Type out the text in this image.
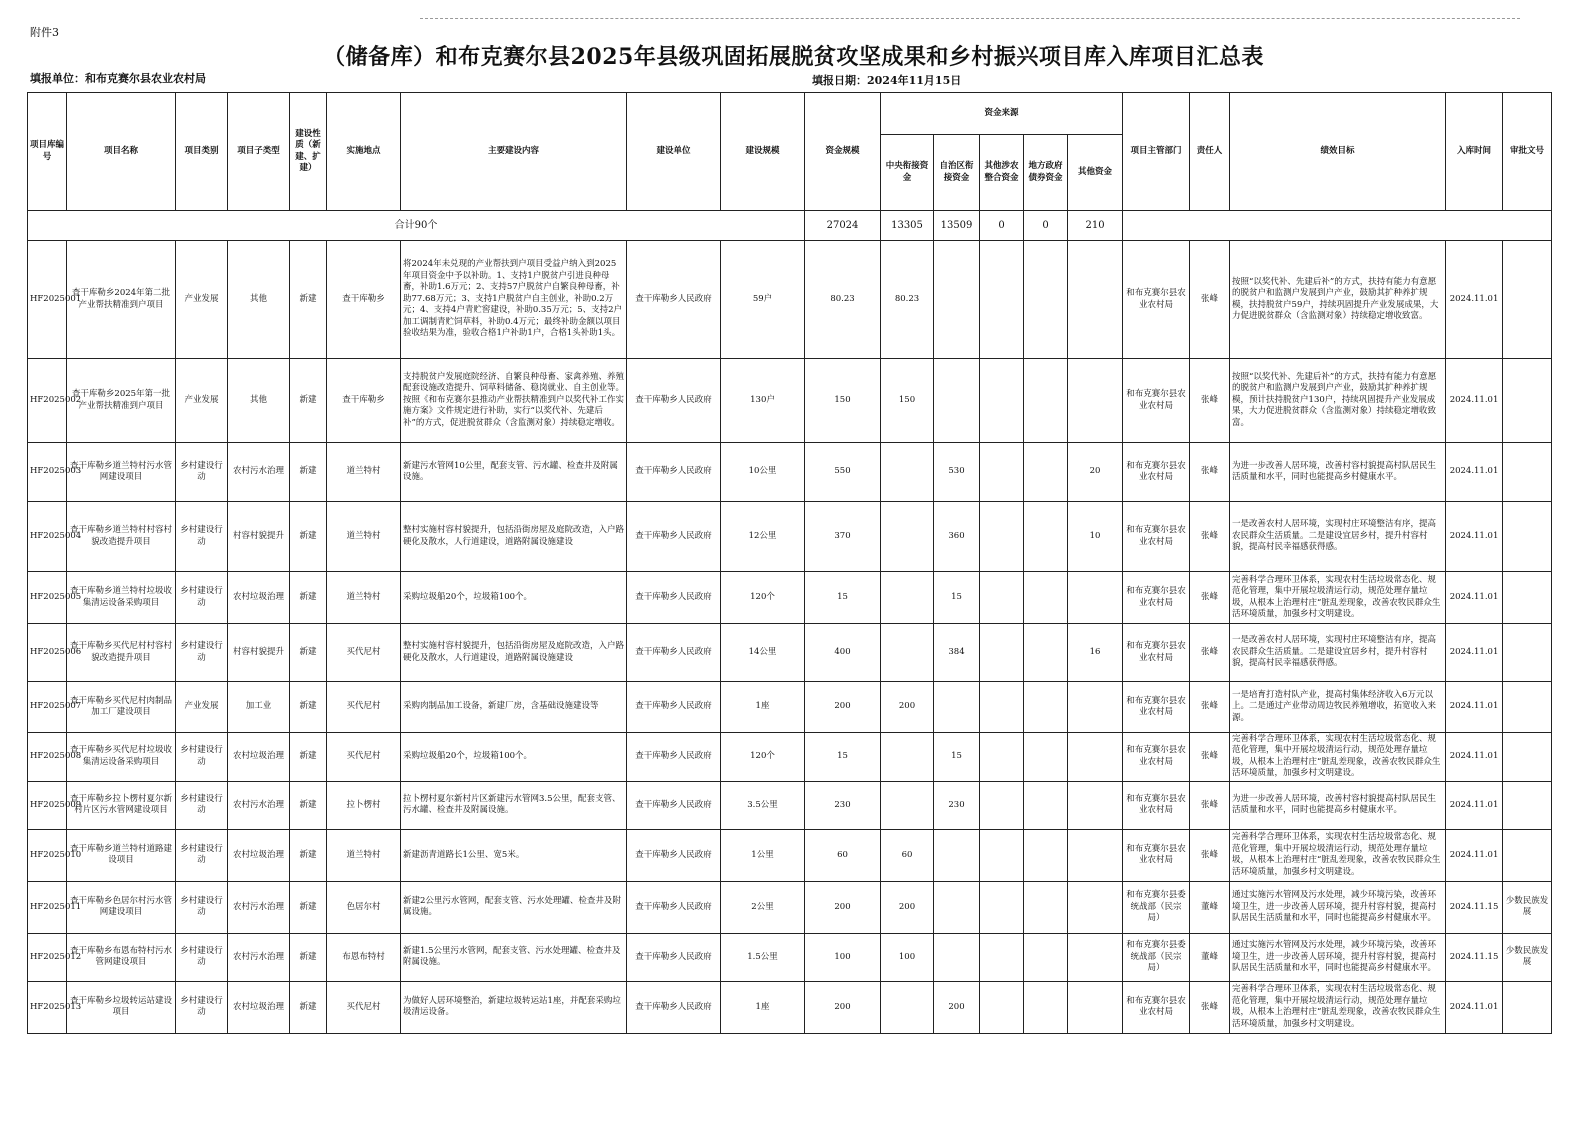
附件3
（储备库）和布克赛尔县2025年县级巩固拓展脱贫攻坚成果和乡村振兴项目库入库项目汇总表
填报单位：和布克赛尔县农业农村局	填报日期：2024年11月15日
项目库编号	项目名称	项目类别	项目子类型	建设性质（新建、扩建）	实施地点	主要建设内容	建设单位	建设规模	资金规模	资金来源					项目主管部门	责任人	绩效目标	入库时间	审批文号
										中央衔接资金	自治区衔接资金	其他涉农整合资金	地方政府债券资金	其他资金					
合计90个									27024	13305	13509	0	0	210					
HF2025001	查干库勒乡2024年第二批产业帮扶精准到户项目	产业发展	其他	新建	查干库勒乡	将2024年未兑现的产业帮扶到户项目受益户纳入到2025年项目资金中予以补助。1、支持1户脱贫户引进良种母畜，补助1.6万元；2、支持57户脱贫户自繁良种母畜，补助77.68万元；3、支持1户脱贫户自主创业，补助0.2万元；4、支持4户青贮窖建设，补助0.35万元；5、支持2户加工调制青贮饲草料，补助0.4万元；最终补助金额以项目验收结果为准，验收合格1户补助1户，合格1头补助1头。	查干库勒乡人民政府	59户	80.23	80.23					和布克赛尔县农业农村局	张峰	按照“以奖代补、先建后补”的方式，扶持有能力有意愿的脱贫户和监测户发展到户产业，鼓励其扩种养扩规模，扶持脱贫户59户，持续巩固提升产业发展成果，大力促进脱贫群众（含监测对象）持续稳定增收致富。	2024.11.01	
HF2025002	查干库勒乡2025年第一批产业帮扶精准到户项目	产业发展	其他	新建	查干库勒乡	支持脱贫户发展庭院经济、自繁良种母畜、家禽养殖、养殖配套设施改造提升、饲草料储备、稳岗就业、自主创业等。按照《和布克赛尔县推动产业帮扶精准到户以奖代补工作实施方案》文件规定进行补助，实行“以奖代补、先建后补”的方式，促进脱贫群众（含监测对象）持续稳定增收。	查干库勒乡人民政府	130户	150	150					和布克赛尔县农业农村局	张峰	按照“以奖代补、先建后补”的方式，扶持有能力有意愿的脱贫户和监测户发展到户产业，鼓励其扩种养扩规模，预计扶持脱贫户130户，持续巩固提升产业发展成果，大力促进脱贫群众（含监测对象）持续稳定增收致富。	2024.11.01	
HF2025003	查干库勒乡道兰特村污水管网建设项目	乡村建设行动	农村污水治理	新建	道兰特村	新建污水管网10公里，配套支管、污水罐、检查井及附属设施。	查干库勒乡人民政府	10公里	550		530			20	和布克赛尔县农业农村局	张峰	为进一步改善人居环境，改善村容村貌提高村队居民生活质量和水平，同时也能提高乡村健康水平。	2024.11.01	
HF2025004	查干库勒乡道兰特村村容村貌改造提升项目	乡村建设行动	村容村貌提升	新建	道兰特村	整村实施村容村貌提升，包括沿街房屋及庭院改造，入户路硬化及散水，人行道建设，道路附属设施建设	查干库勒乡人民政府	12公里	370		360			10	和布克赛尔县农业农村局	张峰	一是改善农村人居环境，实现村庄环境整洁有序，提高农民群众生活质量。二是建设宜居乡村，提升村容村貌，提高村民幸福感获得感。	2024.11.01	
HF2025005	查干库勒乡道兰特村垃圾收集清运设备采购项目	乡村建设行动	农村垃圾治理	新建	道兰特村	采购垃圾船20个，垃圾箱100个。	查干库勒乡人民政府	120个	15		15				和布克赛尔县农业农村局	张峰	完善科学合理环卫体系，实现农村生活垃圾常态化、规范化管理，集中开展垃圾清运行动，规范处理存量垃圾，从根本上治理村庄“脏乱差现象，改善农牧民群众生活环境质量，加强乡村文明建设。	2024.11.01	
HF2025006	查干库勒乡买代尼村村容村貌改造提升项目	乡村建设行动	村容村貌提升	新建	买代尼村	整村实施村容村貌提升，包括沿街房屋及庭院改造，入户路硬化及散水，人行道建设，道路附属设施建设	查干库勒乡人民政府	14公里	400		384			16	和布克赛尔县农业农村局	张峰	一是改善农村人居环境，实现村庄环境整洁有序，提高农民群众生活质量。二是建设宜居乡村，提升村容村貌，提高村民幸福感获得感。	2024.11.01	
HF2025007	查干库勒乡买代尼村肉制品加工厂建设项目	产业发展	加工业	新建	买代尼村	采购肉制品加工设备，新建厂房，含基础设施建设等	查干库勒乡人民政府	1座	200	200					和布克赛尔县农业农村局	张峰	一是培育打造村队产业，提高村集体经济收入6万元以上。二是通过产业带动周边牧民养殖增收，拓宽收入来源。	2024.11.01	
HF2025008	查干库勒乡买代尼村垃圾收集清运设备采购项目	乡村建设行动	农村垃圾治理	新建	买代尼村	采购垃圾船20个，垃圾箱100个。	查干库勒乡人民政府	120个	15		15				和布克赛尔县农业农村局	张峰	完善科学合理环卫体系，实现农村生活垃圾常态化、规范化管理，集中开展垃圾清运行动，规范处理存量垃圾，从根本上治理村庄“脏乱差现象，改善农牧民群众生活环境质量，加强乡村文明建设。	2024.11.01	
HF2025009	查干库勒乡拉卜楞村夏尔新村片区污水管网建设项目	乡村建设行动	农村污水治理	新建	拉卜楞村	拉卜楞村夏尔新村片区新建污水管网3.5公里，配套支管、污水罐、检查井及附属设施。	查干库勒乡人民政府	3.5公里	230		230				和布克赛尔县农业农村局	张峰	为进一步改善人居环境，改善村容村貌提高村队居民生活质量和水平，同时也能提高乡村健康水平。	2024.11.01	
HF2025010	查干库勒乡道兰特村道路建设项目	乡村建设行动	农村垃圾治理	新建	道兰特村	新建沥青道路长1公里、宽5米。	查干库勒乡人民政府	1公里	60	60					和布克赛尔县农业农村局	张峰	完善科学合理环卫体系，实现农村生活垃圾常态化、规范化管理，集中开展垃圾清运行动，规范处理存量垃圾，从根本上治理村庄“脏乱差现象，改善农牧民群众生活环境质量，加强乡村文明建设。	2024.11.01	
HF2025011	查干库勒乡色居尔村污水管网建设项目	乡村建设行动	农村污水治理	新建	色居尔村	新建2公里污水管网，配套支管、污水处理罐、检查井及附属设施。	查干库勒乡人民政府	2公里	200	200					和布克赛尔县委统战部（民宗局）	董峰	通过实施污水管网及污水处理，减少环境污染，改善环境卫生，进一步改善人居环境，提升村容村貌，提高村队居民生活质量和水平，同时也能提高乡村健康水平。	2024.11.15	少数民族发展
HF2025012	查干库勒乡布恩布特村污水管网建设项目	乡村建设行动	农村污水治理	新建	布恩布特村	新建1.5公里污水管网，配套支管、污水处理罐、检查井及附属设施。	查干库勒乡人民政府	1.5公里	100	100					和布克赛尔县委统战部（民宗局）	董峰	通过实施污水管网及污水处理，减少环境污染，改善环境卫生，进一步改善人居环境，提升村容村貌，提高村队居民生活质量和水平，同时也能提高乡村健康水平。	2024.11.15	少数民族发展
HF2025013	查干库勒乡垃圾转运站建设项目	乡村建设行动	农村垃圾治理	新建	买代尼村	为做好人居环境整治，新建垃圾转运站1座，并配套采购垃圾清运设备。	查干库勒乡人民政府	1座	200		200				和布克赛尔县农业农村局	张峰	完善科学合理环卫体系，实现农村生活垃圾常态化、规范化管理，集中开展垃圾清运行动，规范处理存量垃圾，从根本上治理村庄“脏乱差现象，改善农牧民群众生活环境质量，加强乡村文明建设。	2024.11.01	
